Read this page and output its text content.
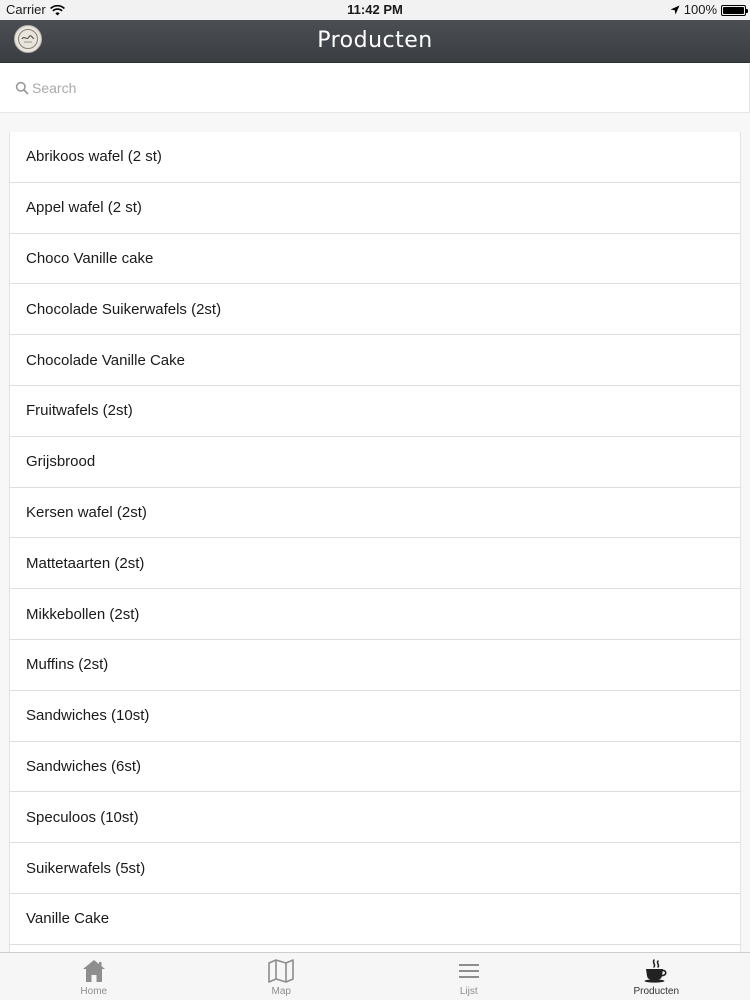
Carrier	11:42 PM	100%
Producten
Search
Abrikoos wafel (2 st)
Appel wafel (2 st)
Choco Vanille cake
Chocolade Suikerwafels (2st)
Chocolade Vanille Cake
Fruitwafels (2st)
Grijsbrood
Kersen wafel (2st)
Mattetaarten (2st)
Mikkebollen (2st)
Muffins (2st)
Sandwiches (10st)
Sandwiches (6st)
Speculoos (10st)
Suikerwafels (5st)
Vanille Cake
Home	Map	Lijst	Producten
